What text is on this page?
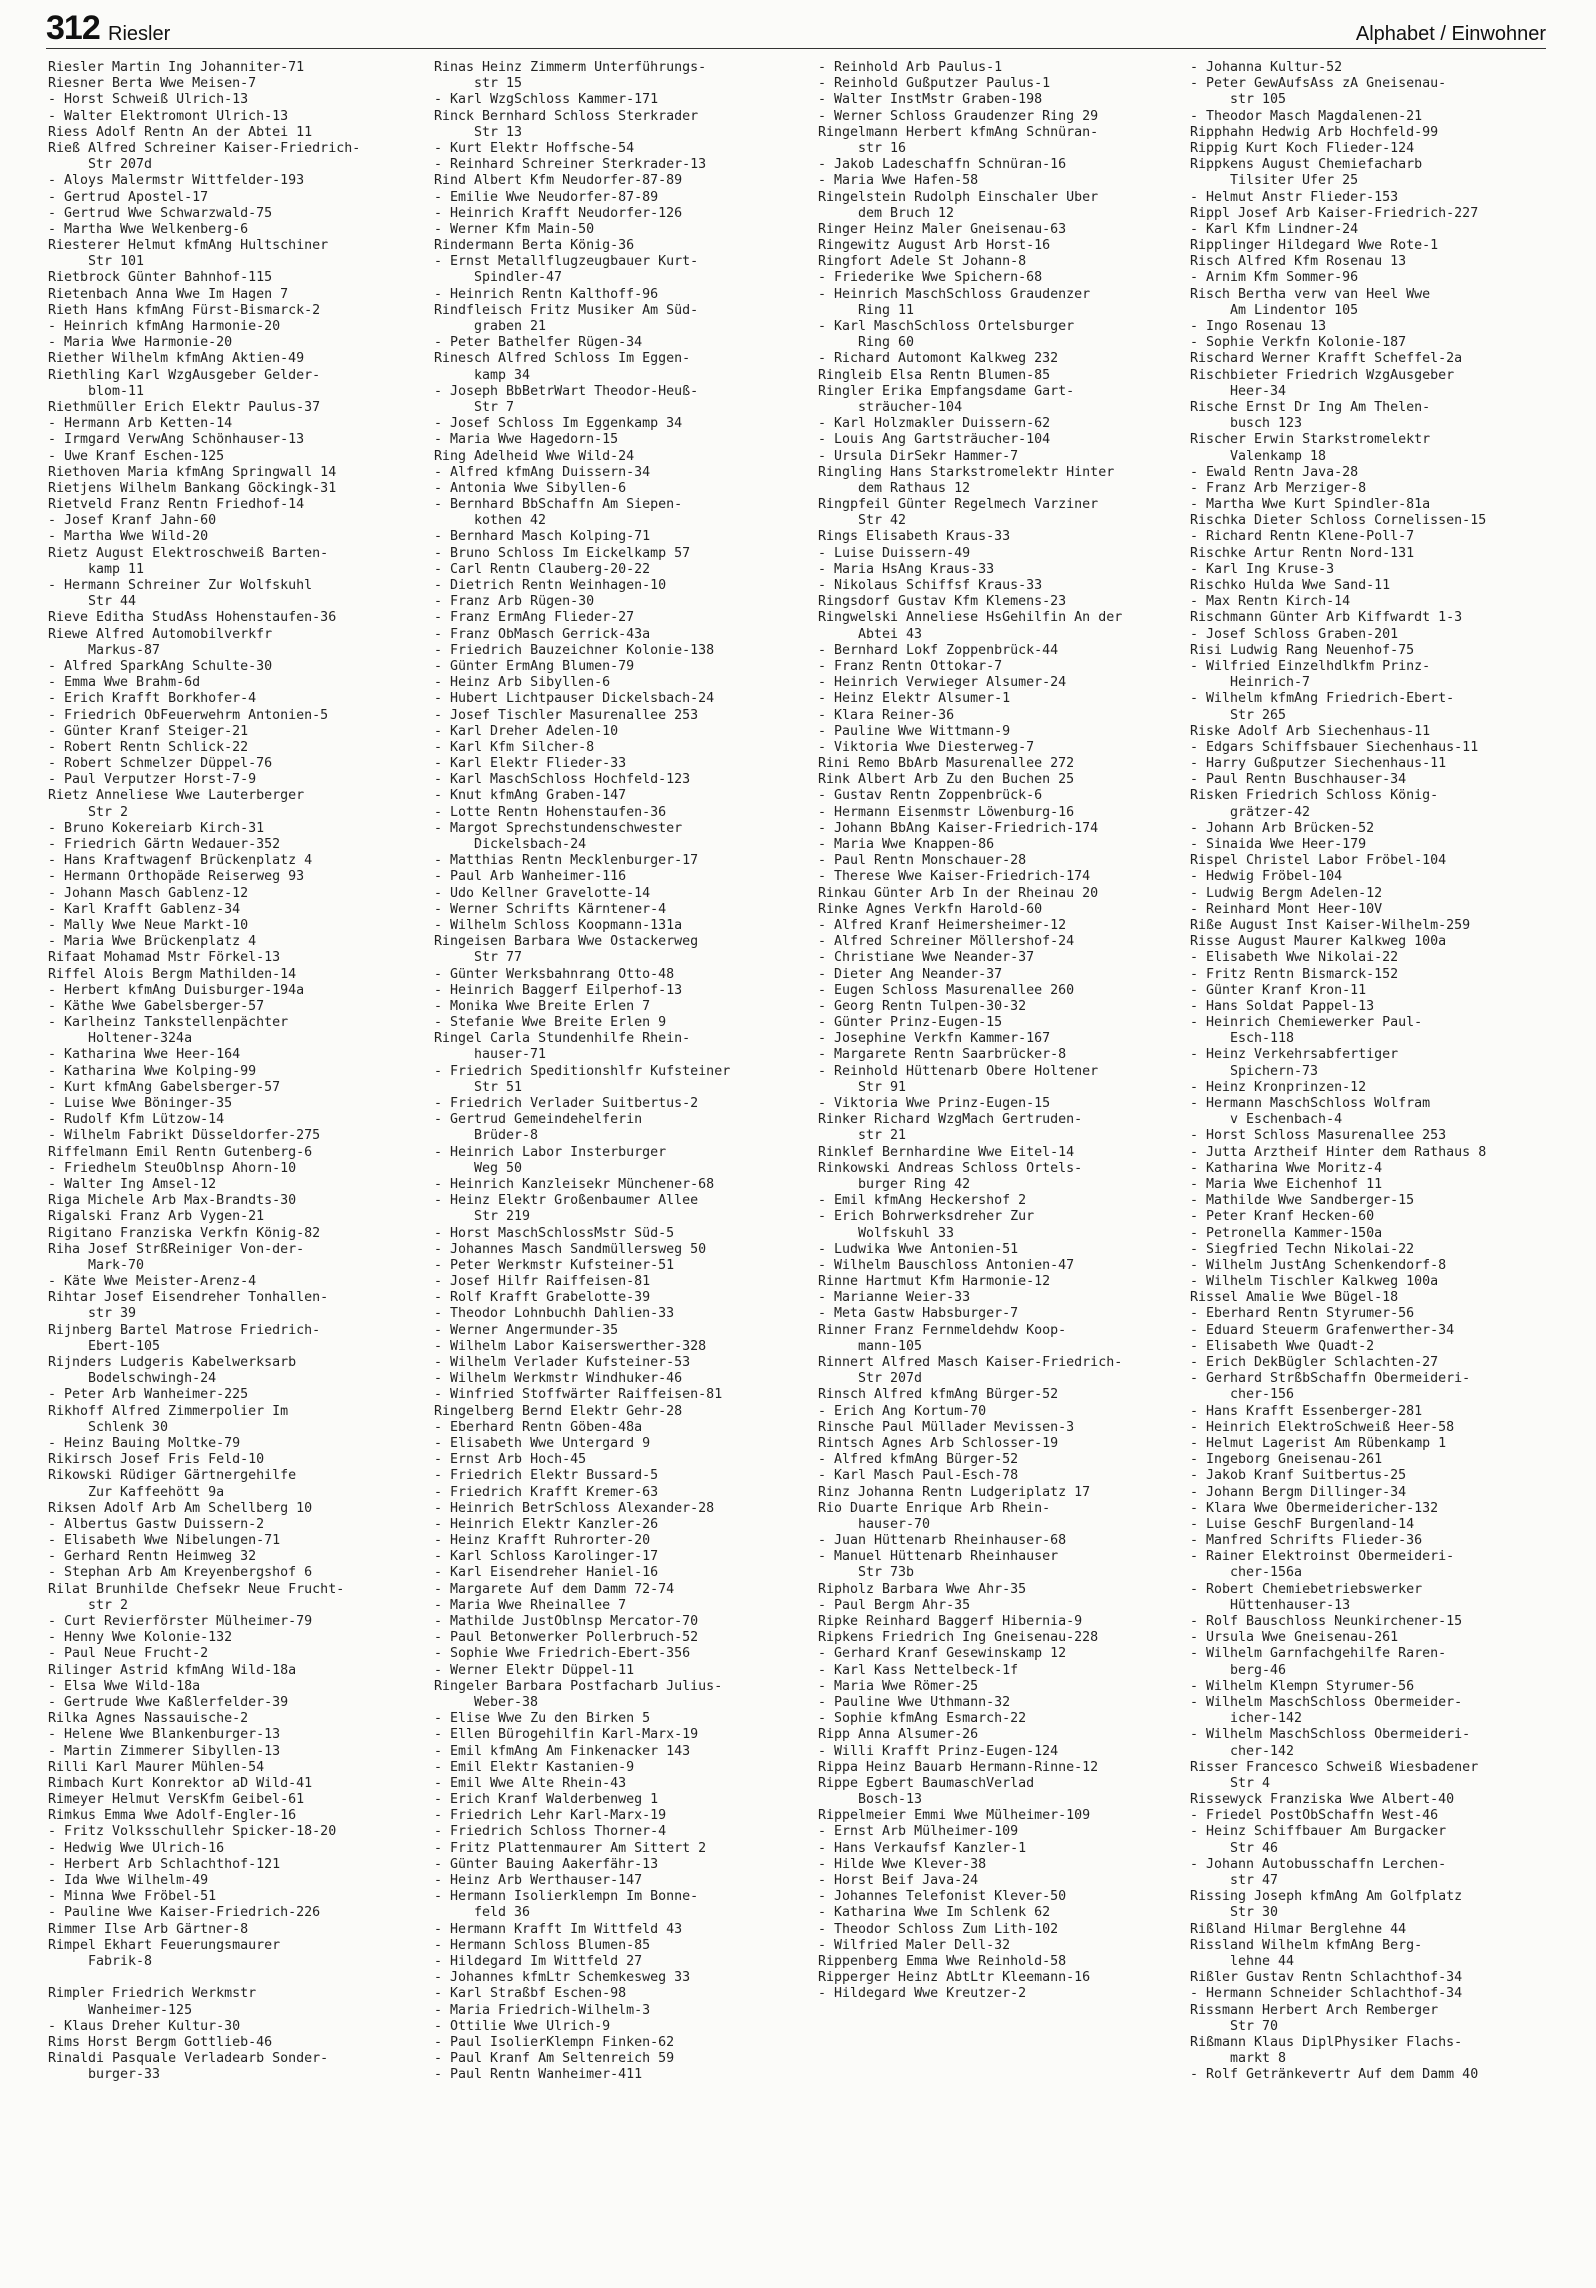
312 Riesler	Alphabet / Einwohner
Riesler Martin Ing Johanniter-71
Riesner Berta Wwe Meisen-7
- Horst Schweiß Ulrich-13
- Walter Elektromont Ulrich-13
Riess Adolf Rentn An der Abtei 11
Rieß Alfred Schreiner Kaiser-Friedrich-
Str 207d
- Aloys Malermstr Wittfelder-193
- Gertrud Apostel-17
- Gertrud Wwe Schwarzwald-75
- Martha Wwe Welkenberg-6
Riesterer Helmut kfmAng Hultschiner
Str 101
Rietbrock Günter Bahnhof-115
Rietenbach Anna Wwe Im Hagen 7
Rieth Hans kfmAng Fürst-Bismarck-2
- Heinrich kfmAng Harmonie-20
- Maria Wwe Harmonie-20
Riether Wilhelm kfmAng Aktien-49
Riethling Karl WzgAusgeber Gelder-
blom-11
Riethmüller Erich Elektr Paulus-37
- Hermann Arb Ketten-14
- Irmgard VerwAng Schönhauser-13
- Uwe Kranf Eschen-125
Riethoven Maria kfmAng Springwall 14
Rietjens Wilhelm Bankang Göckingk-31
Rietveld Franz Rentn Friedhof-14
- Josef Kranf Jahn-60
- Martha Wwe Wild-20
Rietz August Elektroschweiß Barten-
kamp 11
- Hermann Schreiner Zur Wolfskuhl
Str 44
Rieve Editha StudAss Hohenstaufen-36
Riewe Alfred Automobilverkfr
Markus-87
- Alfred SparkAng Schulte-30
- Emma Wwe Brahm-6d
- Erich Krafft Borkhofer-4
- Friedrich ObFeuerwehrm Antonien-5
- Günter Kranf Steiger-21
- Robert Rentn Schlick-22
- Robert Schmelzer Düppel-76
- Paul Verputzer Horst-7-9
Rietz Anneliese Wwe Lauterberger
Str 2
- Bruno Kokereiarb Kirch-31
- Friedrich Gärtn Wedauer-352
- Hans Kraftwagenf Brückenplatz 4
- Hermann Orthopäde Reiserweg 93
- Johann Masch Gablenz-12
- Karl Krafft Gablenz-34
- Mally Wwe Neue Markt-10
- Maria Wwe Brückenplatz 4
Rifaat Mohamad Mstr Förkel-13
Riffel Alois Bergm Mathilden-14
- Herbert kfmAng Duisburger-194a
- Käthe Wwe Gabelsberger-57
- Karlheinz Tankstellenpächter
Holtener-324a
- Katharina Wwe Heer-164
- Katharina Wwe Kolping-99
- Kurt kfmAng Gabelsberger-57
- Luise Wwe Böninger-35
- Rudolf Kfm Lützow-14
- Wilhelm Fabrikt Düsseldorfer-275
Riffelmann Emil Rentn Gutenberg-6
- Friedhelm SteuOblnsp Ahorn-10
- Walter Ing Amsel-12
Riga Michele Arb Max-Brandts-30
Rigalski Franz Arb Vygen-21
Rigitano Franziska Verkfn König-82
Riha Josef StrßReiniger Von-der-
Mark-70
- Käte Wwe Meister-Arenz-4
Rihtar Josef Eisendreher Tonhallen-
str 39
Rijnberg Bartel Matrose Friedrich-
Ebert-105
Rijnders Ludgeris Kabelwerksarb
Bodelschwingh-24
- Peter Arb Wanheimer-225
Rikhoff Alfred Zimmerpolier Im
Schlenk 30
- Heinz Bauing Moltke-79
Rikirsch Josef Fris Feld-10
Rikowski Rüdiger Gärtnergehilfe
Zur Kaffeehött 9a
Riksen Adolf Arb Am Schellberg 10
- Albertus Gastw Duissern-2
- Elisabeth Wwe Nibelungen-71
- Gerhard Rentn Heimweg 32
- Stephan Arb Am Kreyenbergshof 6
Rilat Brunhilde Chefsekr Neue Frucht-
str 2
- Curt Revierförster Mülheimer-79
- Henny Wwe Kolonie-132
- Paul Neue Frucht-2
Rilinger Astrid kfmAng Wild-18a
- Elsa Wwe Wild-18a
- Gertrude Wwe Kaßlerfelder-39
Rilka Agnes Nassauische-2
- Helene Wwe Blankenburger-13
- Martin Zimmerer Sibyllen-13
Rilli Karl Maurer Mühlen-54
Rimbach Kurt Konrektor aD Wild-41
Rimeyer Helmut VersKfm Geibel-61
Rimkus Emma Wwe Adolf-Engler-16
- Fritz Volksschullehr Spicker-18-20
- Hedwig Wwe Ulrich-16
- Herbert Arb Schlachthof-121
- Ida Wwe Wilhelm-49
- Minna Wwe Fröbel-51
- Pauline Wwe Kaiser-Friedrich-226
Rimmer Ilse Arb Gärtner-8
Rimpel Ekhart Feuerungsmaurer
Fabrik-8
Rimpler Friedrich Werkmstr
Wanheimer-125
- Klaus Dreher Kultur-30
Rims Horst Bergm Gottlieb-46
Rinaldi Pasquale Verladearb Sonder-
burger-33
Rinas Heinz Zimmerm Unterführungs-
str 15
- Karl WzgSchloss Kammer-171
Rinck Bernhard Schloss Sterkrader
Str 13
- Kurt Elektr Hoffsche-54
- Reinhard Schreiner Sterkrader-13
Rind Albert Kfm Neudorfer-87-89
- Emilie Wwe Neudorfer-87-89
- Heinrich Krafft Neudorfer-126
- Werner Kfm Main-50
Rindermann Berta König-36
- Ernst Metallflugzeugbauer Kurt-
Spindler-47
- Heinrich Rentn Kalthoff-96
Rindfleisch Fritz Musiker Am Süd-
graben 21
- Peter Bathelfer Rügen-34
Rinesch Alfred Schloss Im Eggen-
kamp 34
- Joseph BbBetrWart Theodor-Heuß-
Str 7
- Josef Schloss Im Eggenkamp 34
- Maria Wwe Hagedorn-15
Ring Adelheid Wwe Wild-24
- Alfred kfmAng Duissern-34
- Antonia Wwe Sibyllen-6
- Bernhard BbSchaffn Am Siepen-
kothen 42
- Bernhard Masch Kolping-71
- Bruno Schloss Im Eickelkamp 57
- Carl Rentn Clauberg-20-22
- Dietrich Rentn Weinhagen-10
- Franz Arb Rügen-30
- Franz ErmAng Flieder-27
- Franz ObMasch Gerrick-43a
- Friedrich Bauzeichner Kolonie-138
- Günter ErmAng Blumen-79
- Heinz Arb Sibyllen-6
- Hubert Lichtpauser Dickelsbach-24
- Josef Tischler Masurenallee 253
- Karl Dreher Adelen-10
- Karl Kfm Silcher-8
- Karl Elektr Flieder-33
- Karl MaschSchloss Hochfeld-123
- Knut kfmAng Graben-147
- Lotte Rentn Hohenstaufen-36
- Margot Sprechstundenschwester
Dickelsbach-24
- Matthias Rentn Mecklenburger-17
- Paul Arb Wanheimer-116
- Udo Kellner Gravelotte-14
- Werner Schrifts Kärntener-4
- Wilhelm Schloss Koopmann-131a
Ringeisen Barbara Wwe Ostackerweg
Str 77
- Günter Werksbahnrang Otto-48
- Heinrich Baggerf Eilperhof-13
- Monika Wwe Breite Erlen 7
- Stefanie Wwe Breite Erlen 9
Ringel Carla Stundenhilfe Rhein-
hauser-71
- Friedrich Speditionshlfr Kufsteiner
Str 51
- Friedrich Verlader Suitbertus-2
- Gertrud Gemeindehelferin
Brüder-8
- Heinrich Labor Insterburger
Weg 50
- Heinrich Kanzleisekr Münchener-68
- Heinz Elektr Großenbaumer Allee
Str 219
- Horst MaschSchlossMstr Süd-5
- Johannes Masch Sandmüllersweg 50
- Peter Werkmstr Kufsteiner-51
- Josef Hilfr Raiffeisen-81
- Rolf Krafft Grabelotte-39
- Theodor Lohnbuchh Dahlien-33
- Werner Angermunder-35
- Wilhelm Labor Kaiserswerther-328
- Wilhelm Verlader Kufsteiner-53
- Wilhelm Werkmstr Windhuker-46
- Winfried Stoffwärter Raiffeisen-81
Ringelberg Bernd Elektr Gehr-28
- Eberhard Rentn Göben-48a
- Elisabeth Wwe Untergard 9
- Ernst Arb Hoch-45
- Friedrich Elektr Bussard-5
- Friedrich Krafft Kremer-63
- Heinrich BetrSchloss Alexander-28
- Heinrich Elektr Kanzler-26
- Heinz Krafft Ruhrorter-20
- Karl Schloss Karolinger-17
- Karl Eisendreher Haniel-16
- Margarete Auf dem Damm 72-74
- Maria Wwe Rheinallee 7
- Mathilde JustOblnsp Mercator-70
- Paul Betonwerker Pollerbruch-52
- Sophie Wwe Friedrich-Ebert-356
- Werner Elektr Düppel-11
Ringeler Barbara Postfacharb Julius-
Weber-38
- Elise Wwe Zu den Birken 5
- Ellen Bürogehilfin Karl-Marx-19
- Emil kfmAng Am Finkenacker 143
- Emil Elektr Kastanien-9
- Emil Wwe Alte Rhein-43
- Erich Kranf Walderbenweg 1
- Friedrich Lehr Karl-Marx-19
- Friedrich Schloss Thorner-4
- Fritz Plattenmaurer Am Sittert 2
- Günter Bauing Aakerfähr-13
- Heinz Arb Werthauser-147
- Hermann Isolierklempn Im Bonne-
feld 36
- Hermann Krafft Im Wittfeld 43
- Hermann Schloss Blumen-85
- Hildegard Im Wittfeld 27
- Johannes kfmLtr Schemkesweg 33
- Karl Straßbf Eschen-98
- Maria Friedrich-Wilhelm-3
- Ottilie Wwe Ulrich-9
- Paul IsolierKlempn Finken-62
- Paul Kranf Am Seltenreich 59
- Paul Rentn Wanheimer-411
- Reinhold Arb Paulus-1
- Reinhold Gußputzer Paulus-1
- Walter InstMstr Graben-198
- Werner Schloss Graudenzer Ring 29
Ringelmann Herbert kfmAng Schnüran-
str 16
- Jakob Ladeschaffn Schnüran-16
- Maria Wwe Hafen-58
Ringelstein Rudolph Einschaler Über
dem Bruch 12
Ringer Heinz Maler Gneisenau-63
Ringewitz August Arb Horst-16
Ringfort Adele St Johann-8
- Friederike Wwe Spichern-68
- Heinrich MaschSchloss Graudenzer
Ring 11
- Karl MaschSchloss Ortelsburger
Ring 60
- Richard Automont Kalkweg 232
Ringleib Elsa Rentn Blumen-85
Ringler Erika Empfangsdame Gart-
sträucher-104
- Karl Holzmakler Duissern-62
- Louis Ang Gartsträucher-104
- Ursula DirSekr Hammer-7
Ringling Hans Starkstromelektr Hinter
dem Rathaus 12
Ringpfeil Günter Regelmech Varziner
Str 42
Rings Elisabeth Kraus-33
- Luise Duissern-49
- Maria HsAng Kraus-33
- Nikolaus Schiffsf Kraus-33
Ringsdorf Gustav Kfm Klemens-23
Ringwelski Anneliese HsGehilfin An der
Abtei 43
- Bernhard Lokf Zoppenbrück-44
- Franz Rentn Ottokar-7
- Heinrich Verwieger Alsumer-24
- Heinz Elektr Alsumer-1
- Klara Reiner-36
- Pauline Wwe Wittmann-9
- Viktoria Wwe Diesterweg-7
Rini Remo BbArb Masurenallee 272
Rink Albert Arb Zu den Buchen 25
- Gustav Rentn Zoppenbrück-6
- Hermann Eisenmstr Löwenburg-16
- Johann BbAng Kaiser-Friedrich-174
- Maria Wwe Knappen-86
- Paul Rentn Monschauer-28
- Therese Wwe Kaiser-Friedrich-174
Rinkau Günter Arb In der Rheinau 20
Rinke Agnes Verkfn Harold-60
- Alfred Kranf Heimersheimer-12
- Alfred Schreiner Möllershof-24
- Christiane Wwe Neander-37
- Dieter Ang Neander-37
- Eugen Schloss Masurenallee 260
- Georg Rentn Tulpen-30-32
- Günter Prinz-Eugen-15
- Josephine Verkfn Kammer-167
- Margarete Rentn Saarbrücker-8
- Reinhold Hüttenarb Obere Holtener
Str 91
- Viktoria Wwe Prinz-Eugen-15
Rinker Richard WzgMach Gertruden-
str 21
Rinklef Bernhardine Wwe Eitel-14
Rinkowski Andreas Schloss Ortels-
burger Ring 42
- Emil kfmAng Heckershof 2
- Erich Bohrwerksdreher Zur
Wolfskuhl 33
- Ludwika Wwe Antonien-51
- Wilhelm Bauschloss Antonien-47
Rinne Hartmut Kfm Harmonie-12
- Marianne Weier-33
- Meta Gastw Habsburger-7
Rinner Franz Fernmeldehdw Koop-
mann-105
Rinnert Alfred Masch Kaiser-Friedrich-
Str 207d
Rinsch Alfred kfmAng Bürger-52
- Erich Ang Kortum-70
Rinsche Paul Müllader Mevissen-3
Rintsch Agnes Arb Schlosser-19
- Alfred kfmAng Bürger-52
- Karl Masch Paul-Esch-78
Rinz Johanna Rentn Ludgeriplatz 17
Rio Duarte Enrique Arb Rhein-
hauser-70
- Juan Hüttenarb Rheinhauser-68
- Manuel Hüttenarb Rheinhauser
Str 73b
Ripholz Barbara Wwe Ahr-35
- Paul Bergm Ahr-35
Ripke Reinhard Baggerf Hibernia-9
Ripkens Friedrich Ing Gneisenau-228
- Gerhard Kranf Gesewinskamp 12
- Karl Kass Nettelbeck-1f
- Maria Wwe Römer-25
- Pauline Wwe Uthmann-32
- Sophie kfmAng Esmarch-22
Ripp Anna Alsumer-26
- Willi Krafft Prinz-Eugen-124
Rippa Heinz Bauarb Hermann-Rinne-12
Rippe Egbert BaumaschVerlad
Bosch-13
Rippelmeier Emmi Wwe Mülheimer-109
- Ernst Arb Mülheimer-109
- Hans Verkaufsf Kanzler-1
- Hilde Wwe Klever-38
- Horst Beif Java-24
- Johannes Telefonist Klever-50
- Katharina Wwe Im Schlenk 62
- Theodor Schloss Zum Lith-102
- Wilfried Maler Dell-32
Rippenberg Emma Wwe Reinhold-58
Ripperger Heinz AbtLtr Kleemann-16
- Hildegard Wwe Kreutzer-2
- Johanna Kultur-52
- Peter GewAufsAss zA Gneisenau-
str 105
- Theodor Masch Magdalenen-21
Ripphahn Hedwig Arb Hochfeld-99
Rippig Kurt Koch Flieder-124
Rippkens August Chemiefacharb
Tilsiter Ufer 25
- Helmut Anstr Flieder-153
Rippl Josef Arb Kaiser-Friedrich-227
- Karl Kfm Lindner-24
Ripplinger Hildegard Wwe Rote-1
Risch Alfred Kfm Rosenau 13
- Arnim Kfm Sommer-96
Risch Bertha verw van Heel Wwe
Am Lindentor 105
- Ingo Rosenau 13
- Sophie Verkfn Kolonie-187
Rischard Werner Krafft Scheffel-2a
Rischbieter Friedrich WzgAusgeber
Heer-34
Rische Ernst Dr Ing Am Thelen-
busch 123
Rischer Erwin Starkstromelektr
Valenkamp 18
- Ewald Rentn Java-28
- Franz Arb Merziger-8
- Martha Wwe Kurt Spindler-81a
Rischka Dieter Schloss Cornelissen-15
- Richard Rentn Klene-Poll-7
Rischke Artur Rentn Nord-131
- Karl Ing Kruse-3
Rischko Hulda Wwe Sand-11
- Max Rentn Kirch-14
Rischmann Günter Arb Kiffwardt 1-3
- Josef Schloss Graben-201
Risi Ludwig Rang Neuenhof-75
- Wilfried Einzelhdlkfm Prinz-
Heinrich-7
- Wilhelm kfmAng Friedrich-Ebert-
Str 265
Riske Adolf Arb Siechenhaus-11
- Edgars Schiffsbauer Siechenhaus-11
- Harry Gußputzer Siechenhaus-11
- Paul Rentn Buschhauser-34
Risken Friedrich Schloss König-
grätzer-42
- Johann Arb Brücken-52
- Sinaida Wwe Heer-179
Rispel Christel Labor Fröbel-104
- Hedwig Fröbel-104
- Ludwig Bergm Adelen-12
- Reinhard Mont Heer-10V
Riße August Inst Kaiser-Wilhelm-259
Risse August Maurer Kalkweg 100a
- Elisabeth Wwe Nikolai-22
- Fritz Rentn Bismarck-152
- Günter Kranf Kron-11
- Hans Soldat Pappel-13
- Heinrich Chemiewerker Paul-
Esch-118
- Heinz Verkehrsabfertiger
Spichern-73
- Heinz Kronprinzen-12
- Hermann MaschSchloss Wolfram
v Eschenbach-4
- Horst Schloss Masurenallee 253
- Jutta Arztheif Hinter dem Rathaus 8
- Katharina Wwe Moritz-4
- Maria Wwe Eichenhof 11
- Mathilde Wwe Sandberger-15
- Peter Kranf Hecken-60
- Petronella Kammer-150a
- Siegfried Techn Nikolai-22
- Wilhelm JustAng Schenkendorf-8
- Wilhelm Tischler Kalkweg 100a
Rissel Amalie Wwe Bügel-18
- Eberhard Rentn Styrumer-56
- Eduard Steuerm Grafenwerther-34
- Elisabeth Wwe Quadt-2
- Erich DekBügler Schlachten-27
- Gerhard StrßbSchaffn Obermeideri-
cher-156
- Hans Krafft Essenberger-281
- Heinrich ElektroSchweiß Heer-58
- Helmut Lagerist Am Rübenkamp 1
- Ingeborg Gneisenau-261
- Jakob Kranf Suitbertus-25
- Johann Bergm Dillinger-34
- Klara Wwe Obermeidericher-132
- Luise GeschF Burgenland-14
- Manfred Schrifts Flieder-36
- Rainer Elektroinst Obermeideri-
cher-156a
- Robert Chemiebetriebswerker
Hüttenhauser-13
- Rolf Bauschloss Neunkirchener-15
- Ursula Wwe Gneisenau-261
- Wilhelm Garnfachgehilfe Raren-
berg-46
- Wilhelm Klempn Styrumer-56
- Wilhelm MaschSchloss Obermeider-
icher-142
- Wilhelm MaschSchloss Obermeideri-
cher-142
Risser Francesco Schweiß Wiesbadener
Str 4
Rissewyck Franziska Wwe Albert-40
- Friedel PostObSchaffn West-46
- Heinz Schiffbauer Am Burgacker
Str 46
- Johann Autobusschaffn Lerchen-
str 47
Rissing Joseph kfmAng Am Golfplatz
Str 30
Rißland Hilmar Berglehne 44
Rissland Wilhelm kfmAng Berg-
lehne 44
Rißler Gustav Rentn Schlachthof-34
- Hermann Schneider Schlachthof-34
Rissmann Herbert Arch Remberger
Str 70
Rißmann Klaus DiplPhysiker Flachs-
markt 8
- Rolf Getränkevertr Auf dem Damm 40
